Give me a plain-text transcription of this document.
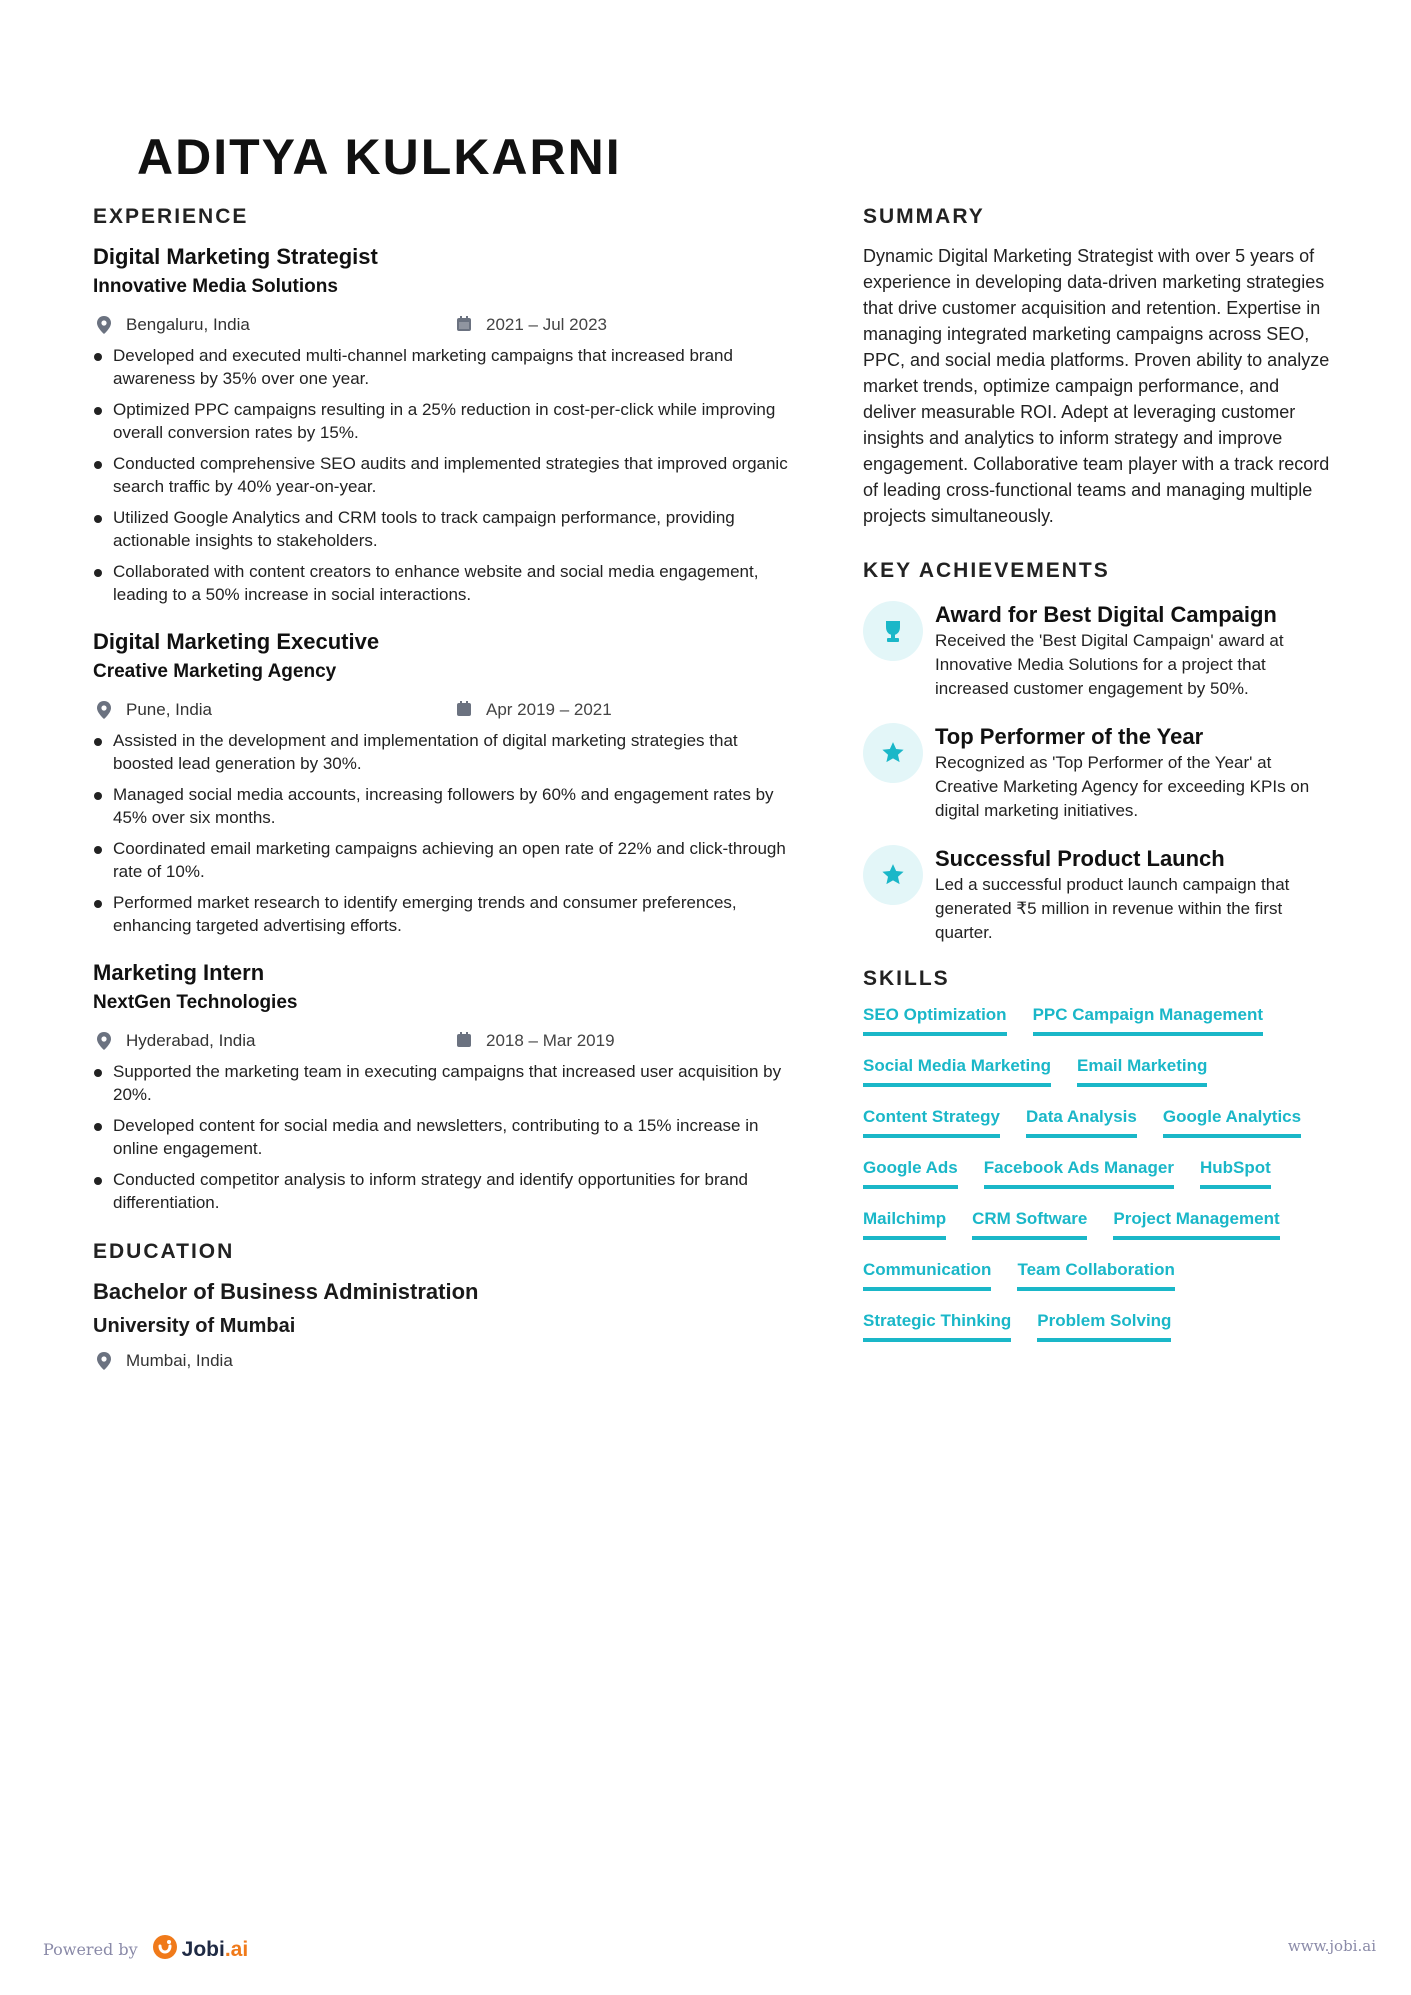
ADITYA KULKARNI
EXPERIENCE
Digital Marketing Strategist
Innovative Media Solutions
Bengaluru, India	2021 – Jul 2023
Developed and executed multi-channel marketing campaigns that increased brand awareness by 35% over one year.
Optimized PPC campaigns resulting in a 25% reduction in cost-per-click while improving overall conversion rates by 15%.
Conducted comprehensive SEO audits and implemented strategies that improved organic search traffic by 40% year-on-year.
Utilized Google Analytics and CRM tools to track campaign performance, providing actionable insights to stakeholders.
Collaborated with content creators to enhance website and social media engagement, leading to a 50% increase in social interactions.
Digital Marketing Executive
Creative Marketing Agency
Pune, India	Apr 2019 – 2021
Assisted in the development and implementation of digital marketing strategies that boosted lead generation by 30%.
Managed social media accounts, increasing followers by 60% and engagement rates by 45% over six months.
Coordinated email marketing campaigns achieving an open rate of 22% and click-through rate of 10%.
Performed market research to identify emerging trends and consumer preferences, enhancing targeted advertising efforts.
Marketing Intern
NextGen Technologies
Hyderabad, India	2018 – Mar 2019
Supported the marketing team in executing campaigns that increased user acquisition by 20%.
Developed content for social media and newsletters, contributing to a 15% increase in online engagement.
Conducted competitor analysis to inform strategy and identify opportunities for brand differentiation.
EDUCATION
Bachelor of Business Administration
University of Mumbai
Mumbai, India
SUMMARY

Dynamic Digital Marketing Strategist with over 5 years of experience in developing data-driven marketing strategies that drive customer acquisition and retention. Expertise in managing integrated marketing campaigns across SEO, PPC, and social media platforms. Proven ability to analyze market trends, optimize campaign performance, and deliver measurable ROI. Adept at leveraging customer insights and analytics to inform strategy and improve engagement. Collaborative team player with a track record of leading cross-functional teams and managing multiple projects simultaneously.

KEY ACHIEVEMENTS
Award for Best Digital Campaign

Received the 'Best Digital Campaign' award at Innovative Media Solutions for a project that increased customer engagement by 50%.

Top Performer of the Year

Recognized as 'Top Performer of the Year' at Creative Marketing Agency for exceeding KPIs on digital marketing initiatives.

Successful Product Launch

Led a successful product launch campaign that generated ₹5 million in revenue within the first quarter.

SKILLS
SEO Optimization PPC Campaign Management
Social Media Marketing Email Marketing
Content Strategy Data Analysis Google Analytics
Google Ads Facebook Ads Manager HubSpot
Mailchimp CRM Software Project Management
Communication Team Collaboration
Strategic Thinking Problem Solving
Powered by Jobi.ai	www.jobi.ai
